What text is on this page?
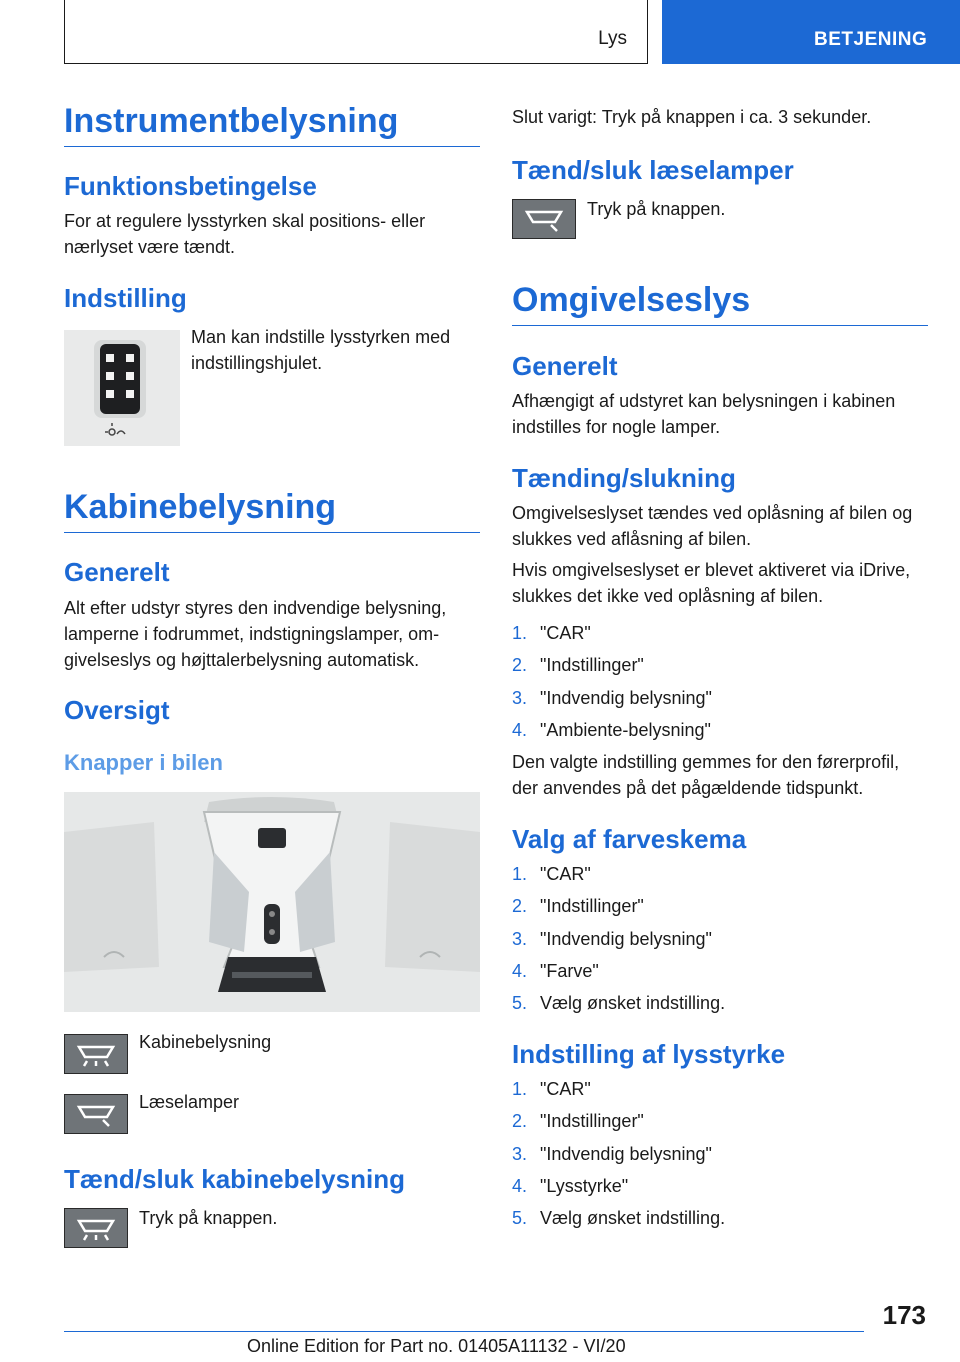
Lys	BETJENING
Instrumentbelysning
Funktionsbetingelse
For at regulere lysstyrken skal positions- eller nærlyset være tændt.
Indstilling
Man kan indstille lysstyrken med indstillingshjulet.
Kabinebelysning
Generelt
Alt efter udstyr styres den indvendige belysning, lamperne i fodrummet, indstigningslamper, omgivelseslys og højttalerbelysning automatisk.
Oversigt
Knapper i bilen
Kabinebelysning
Læselamper
Tænd/sluk kabinebelysning
Tryk på knappen.
Slut varigt: Tryk på knappen i ca. 3 sekunder.
Tænd/sluk læselamper
Tryk på knappen.
Omgivelseslys
Generelt
Afhængigt af udstyret kan belysningen i kabinen indstilles for nogle lamper.
Tænding/slukning
Omgivelseslyset tændes ved oplåsning af bilen og slukkes ved aflåsning af bilen.
Hvis omgivelseslyset er blevet aktiveret via iDrive, slukkes det ikke ved oplåsning af bilen.
1. "CAR"
2. "Indstillinger"
3. "Indvendig belysning"
4. "Ambiente-belysning"
Den valgte indstilling gemmes for den førerprofil, der anvendes på det pågældende tidspunkt.
Valg af farveskema
1. "CAR"
2. "Indstillinger"
3. "Indvendig belysning"
4. "Farve"
5. Vælg ønsket indstilling.
Indstilling af lysstyrke
1. "CAR"
2. "Indstillinger"
3. "Indvendig belysning"
4. "Lysstyrke"
5. Vælg ønsket indstilling.
173
Online Edition for Part no. 01405A11132 - VI/20
